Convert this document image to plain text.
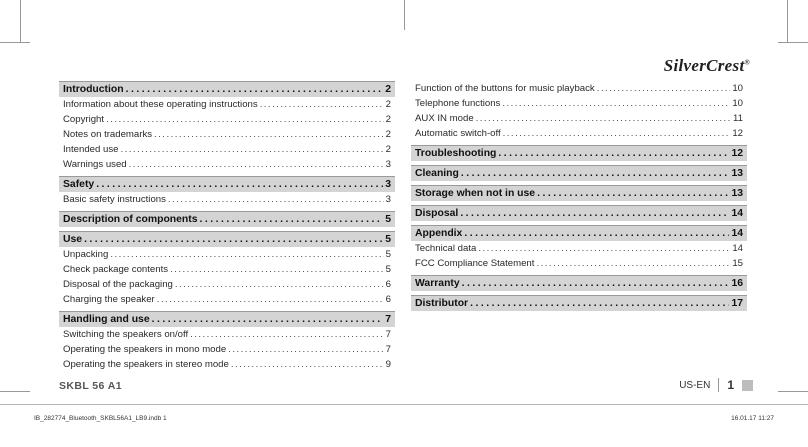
SilverCrest®
Introduction . . .	2
Information about these operating instructions . . .	2
Copyright . . .	2
Notes on trademarks . . .	2
Intended use . . .	2
Warnings used . . .	3
Safety . . .	3
Basic safety instructions . . .	3
Description of components . . .	5
Use . . .	5
Unpacking . . .	5
Check package contents . . .	5
Disposal of the packaging . . .	6
Charging the speaker . . .	6
Handling and use . . .	7
Switching the speakers on/off . . .	7
Operating the speakers in mono mode . . .	7
Operating the speakers in stereo mode . . .	9
Function of the buttons for music playback . . .	10
Telephone functions . . .	10
AUX IN mode . . .	11
Automatic switch-off . . .	12
Troubleshooting . . .	12
Cleaning . . .	13
Storage when not in use . . .	13
Disposal . . .	14
Appendix . . .	14
Technical data . . .	14
FCC Compliance Statement . . .	15
Warranty . . .	16
Distributor . . .	17
SKBL 56 A1	US-EN 1
IB_282774_Bluetooth_SKBL56A1_LB9.indb 1	16.01.17 11:27
